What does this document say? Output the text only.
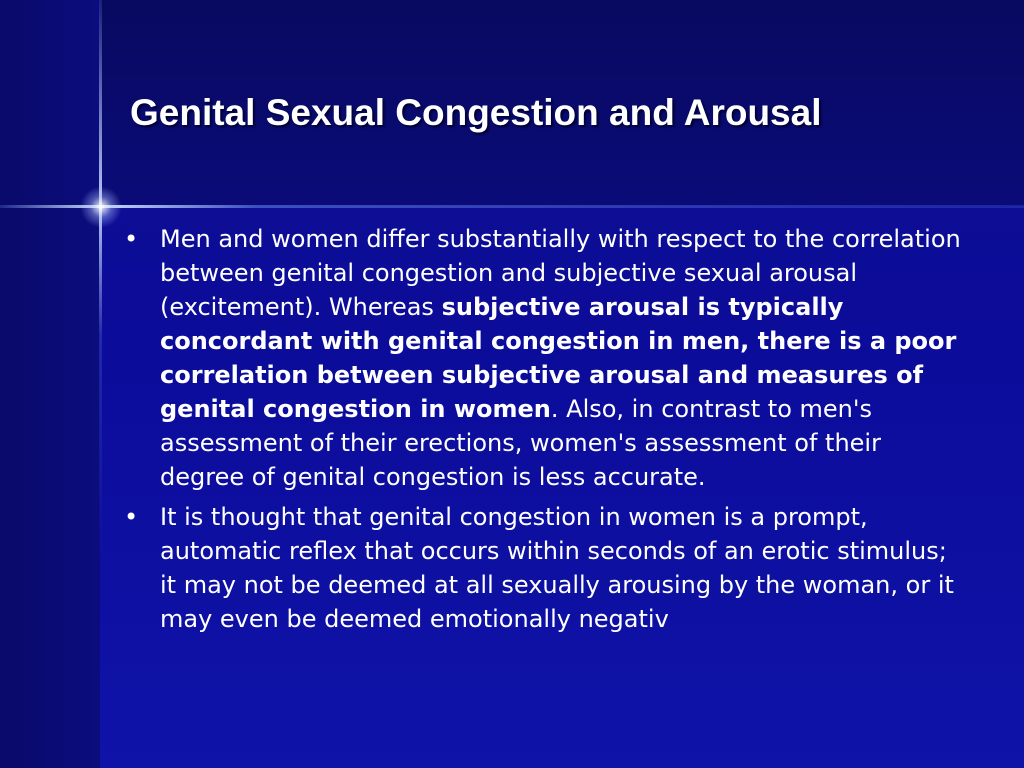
Genital Sexual Congestion and Arousal
• Men and women differ substantially with respect to the correlation between genital congestion and subjective sexual arousal (excitement). Whereas subjective arousal is typically concordant with genital congestion in men, there is a poor correlation between subjective arousal and measures of genital congestion in women. Also, in contrast to men's assessment of their erections, women's assessment of their degree of genital congestion is less accurate.
• It is thought that genital congestion in women is a prompt, automatic reflex that occurs within seconds of an erotic stimulus; it may not be deemed at all sexually arousing by the woman, or it may even be deemed emotionally negativ
